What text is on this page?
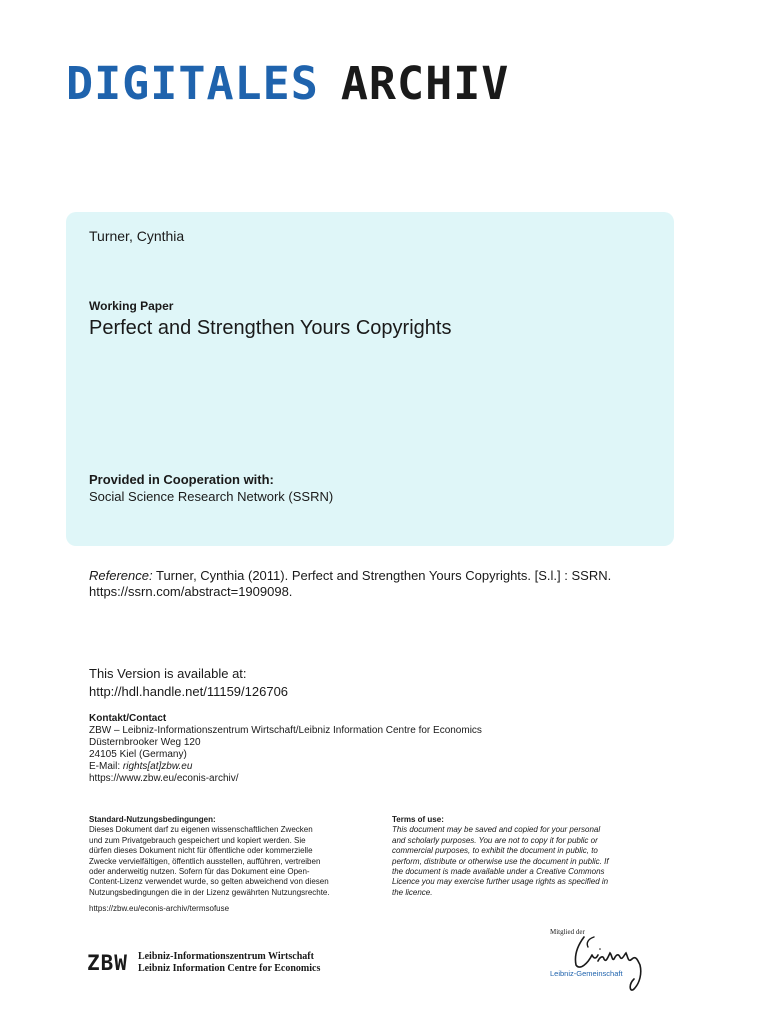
DIGITALES ARCHIV
Turner, Cynthia
Working Paper
Perfect and Strengthen Yours Copyrights
Provided in Cooperation with:
Social Science Research Network (SSRN)
Reference: Turner, Cynthia (2011). Perfect and Strengthen Yours Copyrights. [S.l.] : SSRN.
https://ssrn.com/abstract=1909098.
This Version is available at:
http://hdl.handle.net/11159/126706
Kontakt/Contact
ZBW – Leibniz-Informationszentrum Wirtschaft/Leibniz Information Centre for Economics
Düsternbrooker Weg 120
24105 Kiel (Germany)
E-Mail: rights[at]zbw.eu
https://www.zbw.eu/econis-archiv/
Standard-Nutzungsbedingungen:
Dieses Dokument darf zu eigenen wissenschaftlichen Zwecken
und zum Privatgebrauch gespeichert und kopiert werden. Sie
dürfen dieses Dokument nicht für öffentliche oder kommerzielle
Zwecke vervielfältigen, öffentlich ausstellen, aufführen, vertreiben
oder anderweitig nutzen. Sofern für das Dokument eine Open-
Content-Lizenz verwendet wurde, so gelten abweichend von diesen
Nutzungsbedingungen die in der Lizenz gewährten Nutzungsrechte.
https://zbw.eu/econis-archiv/termsofuse
Terms of use:
This document may be saved and copied for your personal
and scholarly purposes. You are not to copy it for public or
commercial purposes, to exhibit the document in public, to
perform, distribute or otherwise use the document in public. If
the document is made available under a Creative Commons
Licence you may exercise further usage rights as specified in
the licence.
ZBW Leibniz-Informationszentrum Wirtschaft
Leibniz Information Centre for Economics
Mitglied der
Leibniz-Gemeinschaft
